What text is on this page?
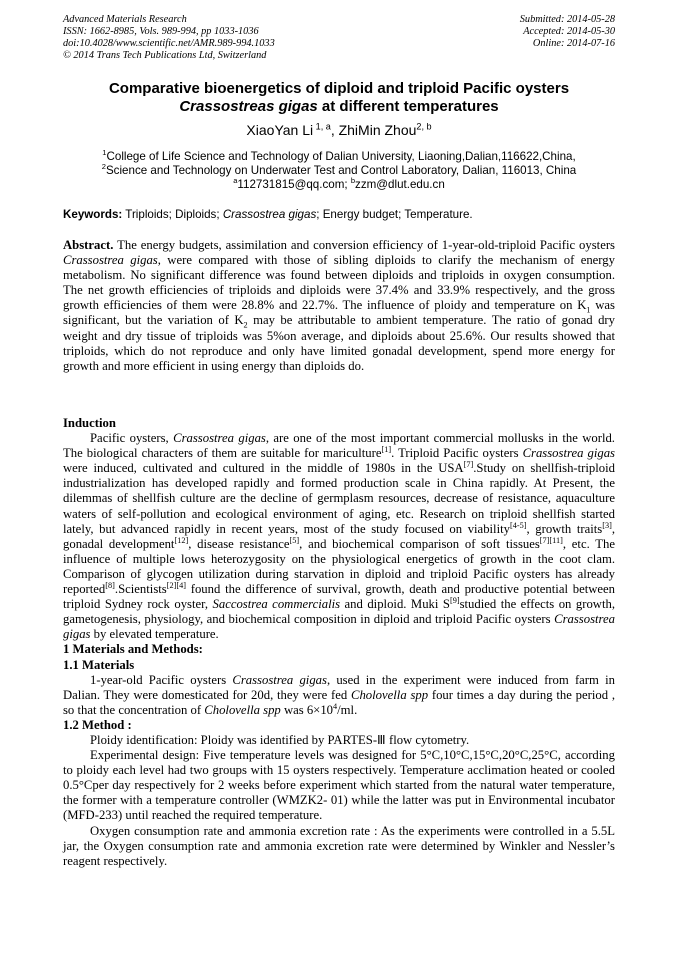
Advanced Materials Research
ISSN: 1662-8985, Vols. 989-994, pp 1033-1036
doi:10.4028/www.scientific.net/AMR.989-994.1033
© 2014 Trans Tech Publications Ltd, Switzerland
Submitted: 2014-05-28
Accepted: 2014-05-30
Online: 2014-07-16
Comparative bioenergetics of diploid and triploid Pacific oysters
Crassostreas gigas at different temperatures
XiaoYan Li $^{1, a}$, ZhiMin Zhou$^{2, b}$
$^1$College of Life Science and Technology of Dalian University, Liaoning,Dalian,116622,China,
$^2$Science and Technology on Underwater Test and Control Laboratory, Dalian, 116013, China
$^a$112731815@qq.com; $^b$zzm@dlut.edu.cn
Keywords: Triploids; Diploids; Crassostrea gigas; Energy budget; Temperature.

Abstract. The energy budgets, assimilation and conversion efficiency of 1-year-old-triploid Pacific oysters Crassostrea gigas, were compared with those of sibling diploids to clarify the mechanism of energy metabolism. No significant difference was found between diploids and triploids in oxygen consumption. The net growth efficiencies of triploids and diploids were 37.4% and 33.9% respectively, and the gross growth efficiencies of them were 28.8% and 22.7%. The influence of ploidy and temperature on $K_1$ was significant, but the variation of $K_2$ may be attributable to ambient temperature. The ratio of gonad dry weight and dry tissue of triploids was 5%on average, and diploids about 25.6%. Our results showed that triploids, which do not reproduce and only have limited gonadal development, spend more energy for growth and more efficient in using energy than diploids do.

Induction

Pacific oysters, Crassostrea gigas, are one of the most important commercial mollusks in the world. The biological characters of them are suitable for mariculture[1]. Triploid Pacific oysters Crassostrea gigas were induced, cultivated and cultured in the middle of 1980s in the USA[7].Study on shellfish-triploid industrialization has developed rapidly and formed production scale in China rapidly. At Present, the dilemmas of shellfish culture are the decline of germplasm resources, decrease of resistance, aquaculture waters of self-pollution and ecological environment of aging, etc. Research on triploid shellfish started lately, but advanced rapidly in recent years, most of the study focused on viability[4-5], growth traits[3], gonadal development[12], disease resistance[5], and biochemical comparison of soft tissues[7][11], etc. The influence of multiple lows heterozygosity on the physiological energetics of growth in the coot clam. Comparison of glycogen utilization during starvation in diploid and triploid Pacific oysters has already reported[8].Scientists[2][4] found the difference of survival, growth, death and productive potential between triploid Sydney rock oyster, Saccostrea commercialis and diploid. Muki S[9]studied the effects on growth, gametogenesis, physiology, and biochemical composition in diploid and triploid Pacific oysters Crassostrea gigas by elevated temperature.

1 Materials and Methods:

1.1 Materials

1-year-old Pacific oysters Crassostrea gigas, used in the experiment were induced from farm in Dalian. They were domesticated for 20d, they were fed Cholovella spp four times a day during the period , so that the concentration of Cholovella spp was $6\times 10^4/ml$.

1.2 Method :

Ploidy identification: Ploidy was identified by PARTES-Ⅲ flow cytometry.

Experimental design: Five temperature levels was designed for 5°C,10°C,15°C,20°C,25°C, according to ploidy each level had two groups with 15 oysters respectively. Temperature acclimation heated or cooled 0.5°Cper day respectively for 2 weeks before experiment which started from the natural water temperature, the former with a temperature controller (WMZK2- 01) while the latter was put in Environmental incubator (MFD-233) until reached the required temperature.

Oxygen consumption rate and ammonia excretion rate : As the experiments were controlled in a 5.5L jar, the Oxygen consumption rate and ammonia excretion rate were determined by Winkler and Nessler’s reagent respectively.
